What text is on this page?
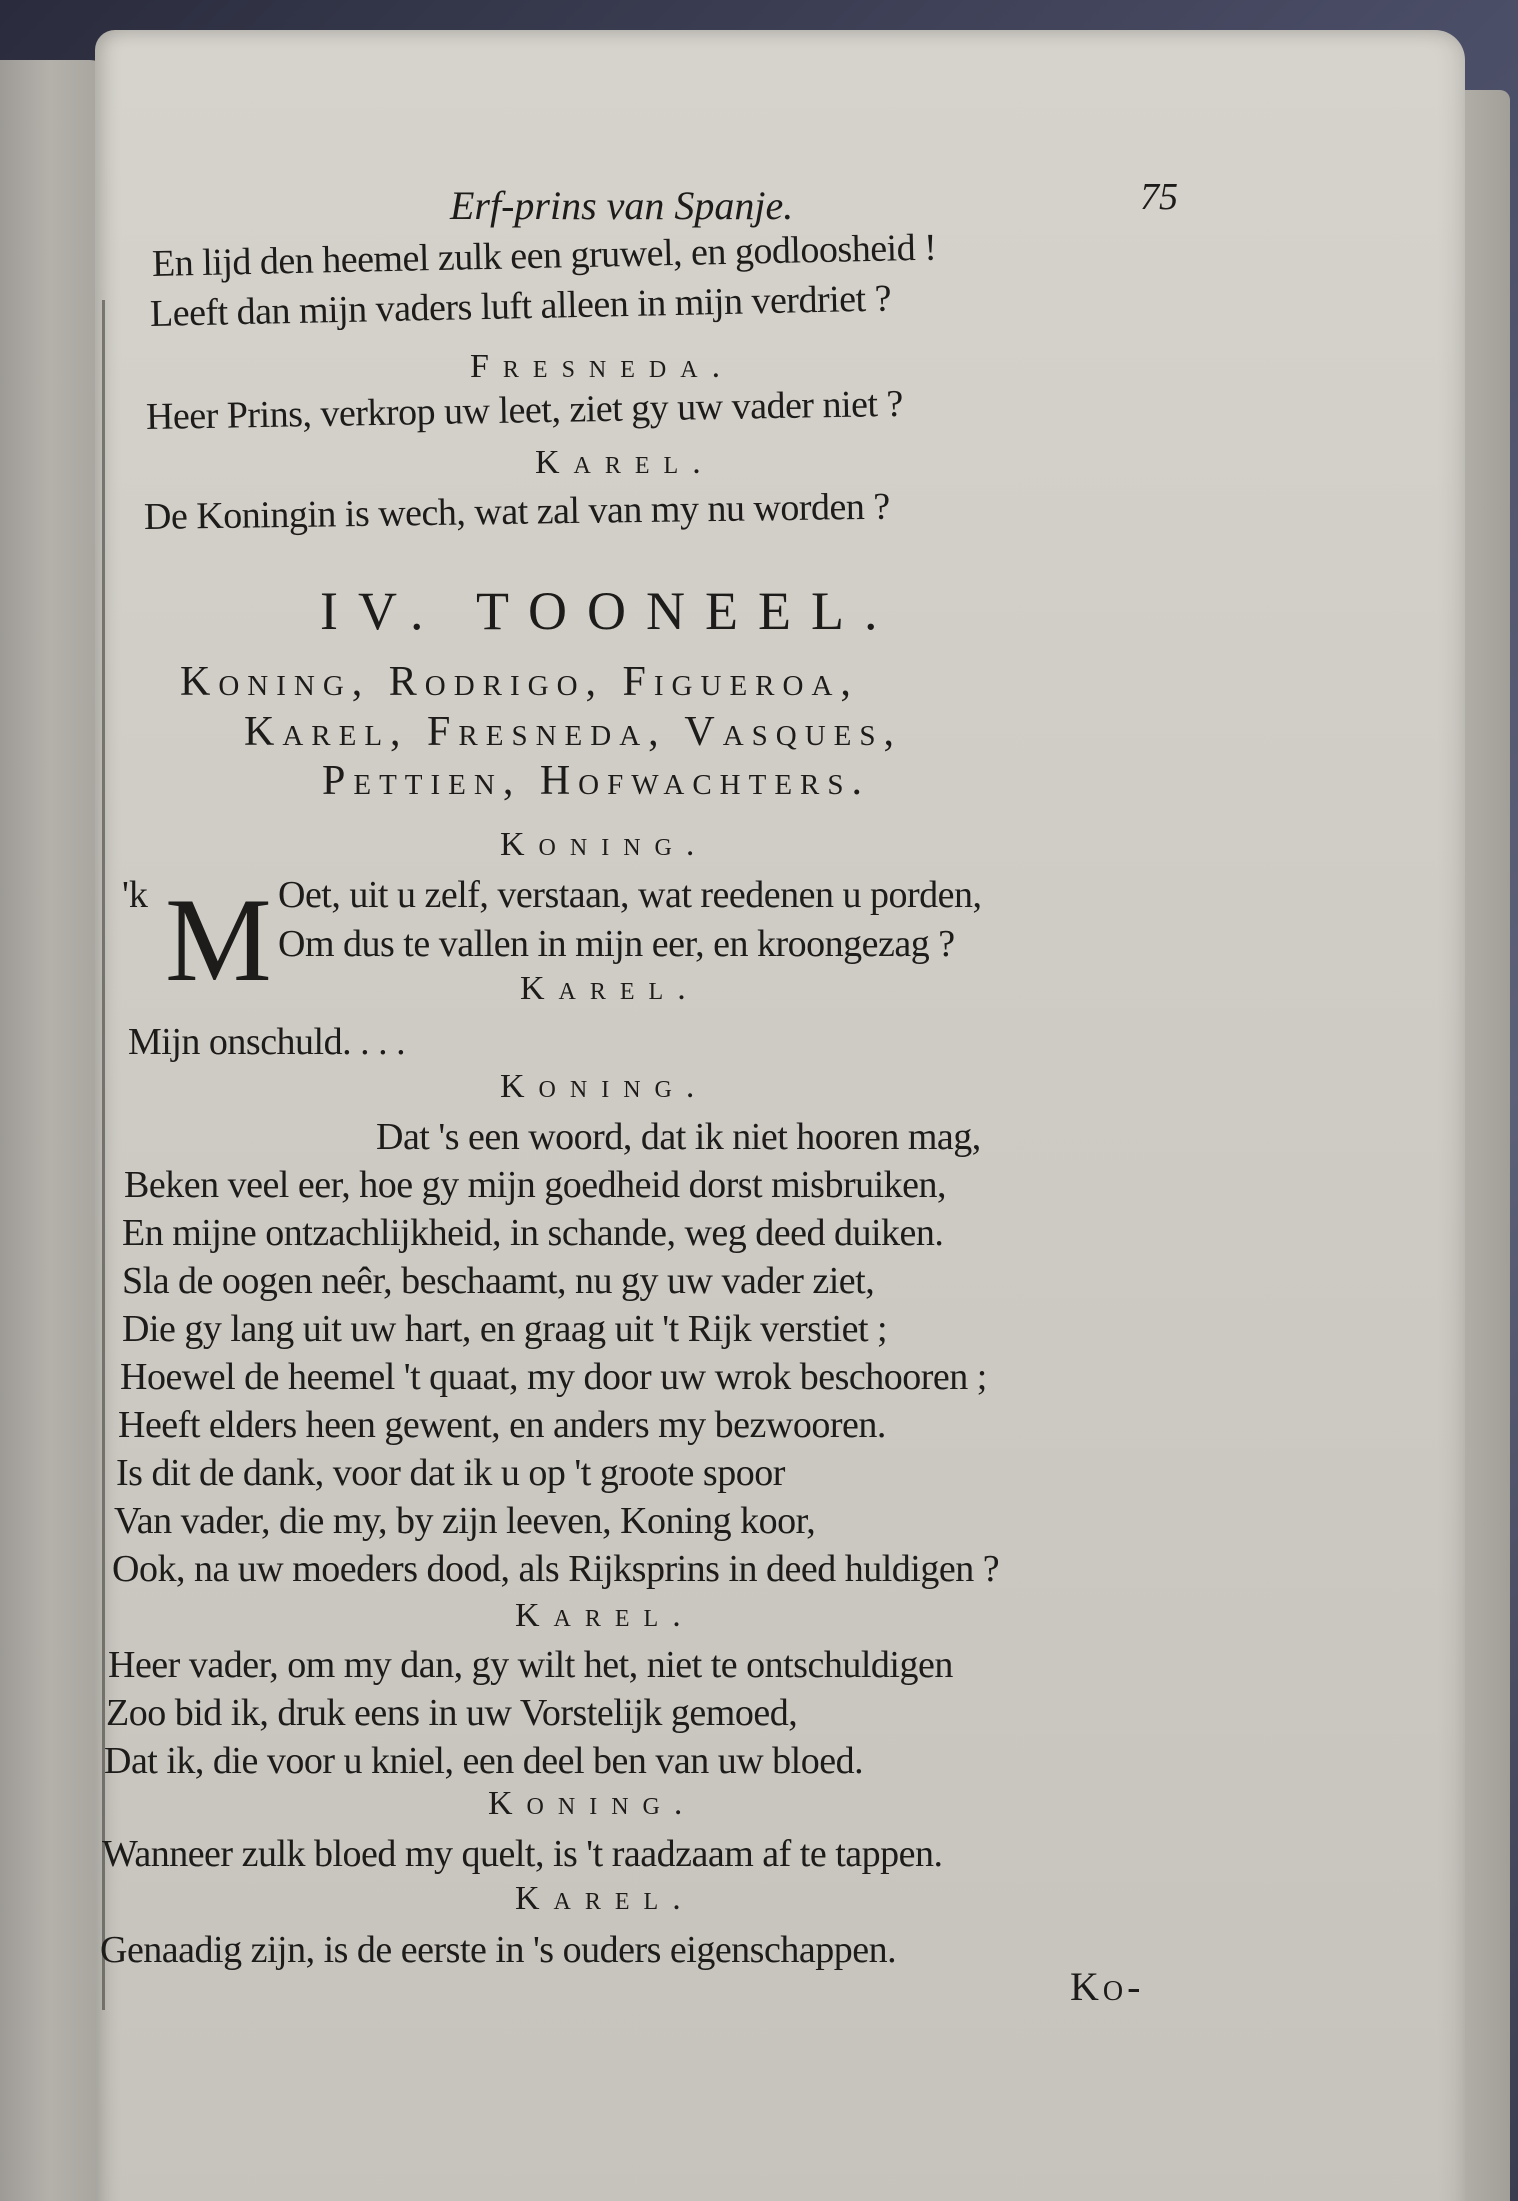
Erf-prins van Spanje.	75
En lijd den heemel zulk een gruwel, en godloosheid !
Leeft dan mijn vaders luft alleen in mijn verdriet ?
Fresneda.
Heer Prins, verkrop uw leet, ziet gy uw vader niet ?
Karel.
De Koningin is wech, wat zal van my nu worden ?
IV. TOONEEL.
Koning, Rodrigo, Figueroa,
Karel, Fresneda, Vasques,
Pettien, Hofwachters.
Koning.
'k M Oet, uit u zelf, verstaan, wat reedenen u porden,
Om dus te vallen in mijn eer, en kroongezag ?
Karel.
Mijn onschuld. . . .
Koning.
Dat 's een woord, dat ik niet hooren mag,
Beken veel eer, hoe gy mijn goedheid dorst misbruiken,
En mijne ontzachlijkheid, in schande, weg deed duiken.
Sla de oogen neêr, beschaamt, nu gy uw vader ziet,
Die gy lang uit uw hart, en graag uit 't Rijk verstiet ;
Hoewel de heemel 't quaat, my door uw wrok beschooren ;
Heeft elders heen gewent, en anders my bezwooren.
Is dit de dank, voor dat ik u op 't groote spoor
Van vader, die my, by zijn leeven, Koning koor,
Ook, na uw moeders dood, als Rijksprins in deed huldigen ?
Karel.
Heer vader, om my dan, gy wilt het, niet te ontschuldigen
Zoo bid ik, druk eens in uw Vorstelijk gemoed,
Dat ik, die voor u kniel, een deel ben van uw bloed.
Koning.
Wanneer zulk bloed my quelt, is 't raadzaam af te tappen.
Karel.
Genaadig zijn, is de eerste in 's ouders eigenschappen.
Ko-
